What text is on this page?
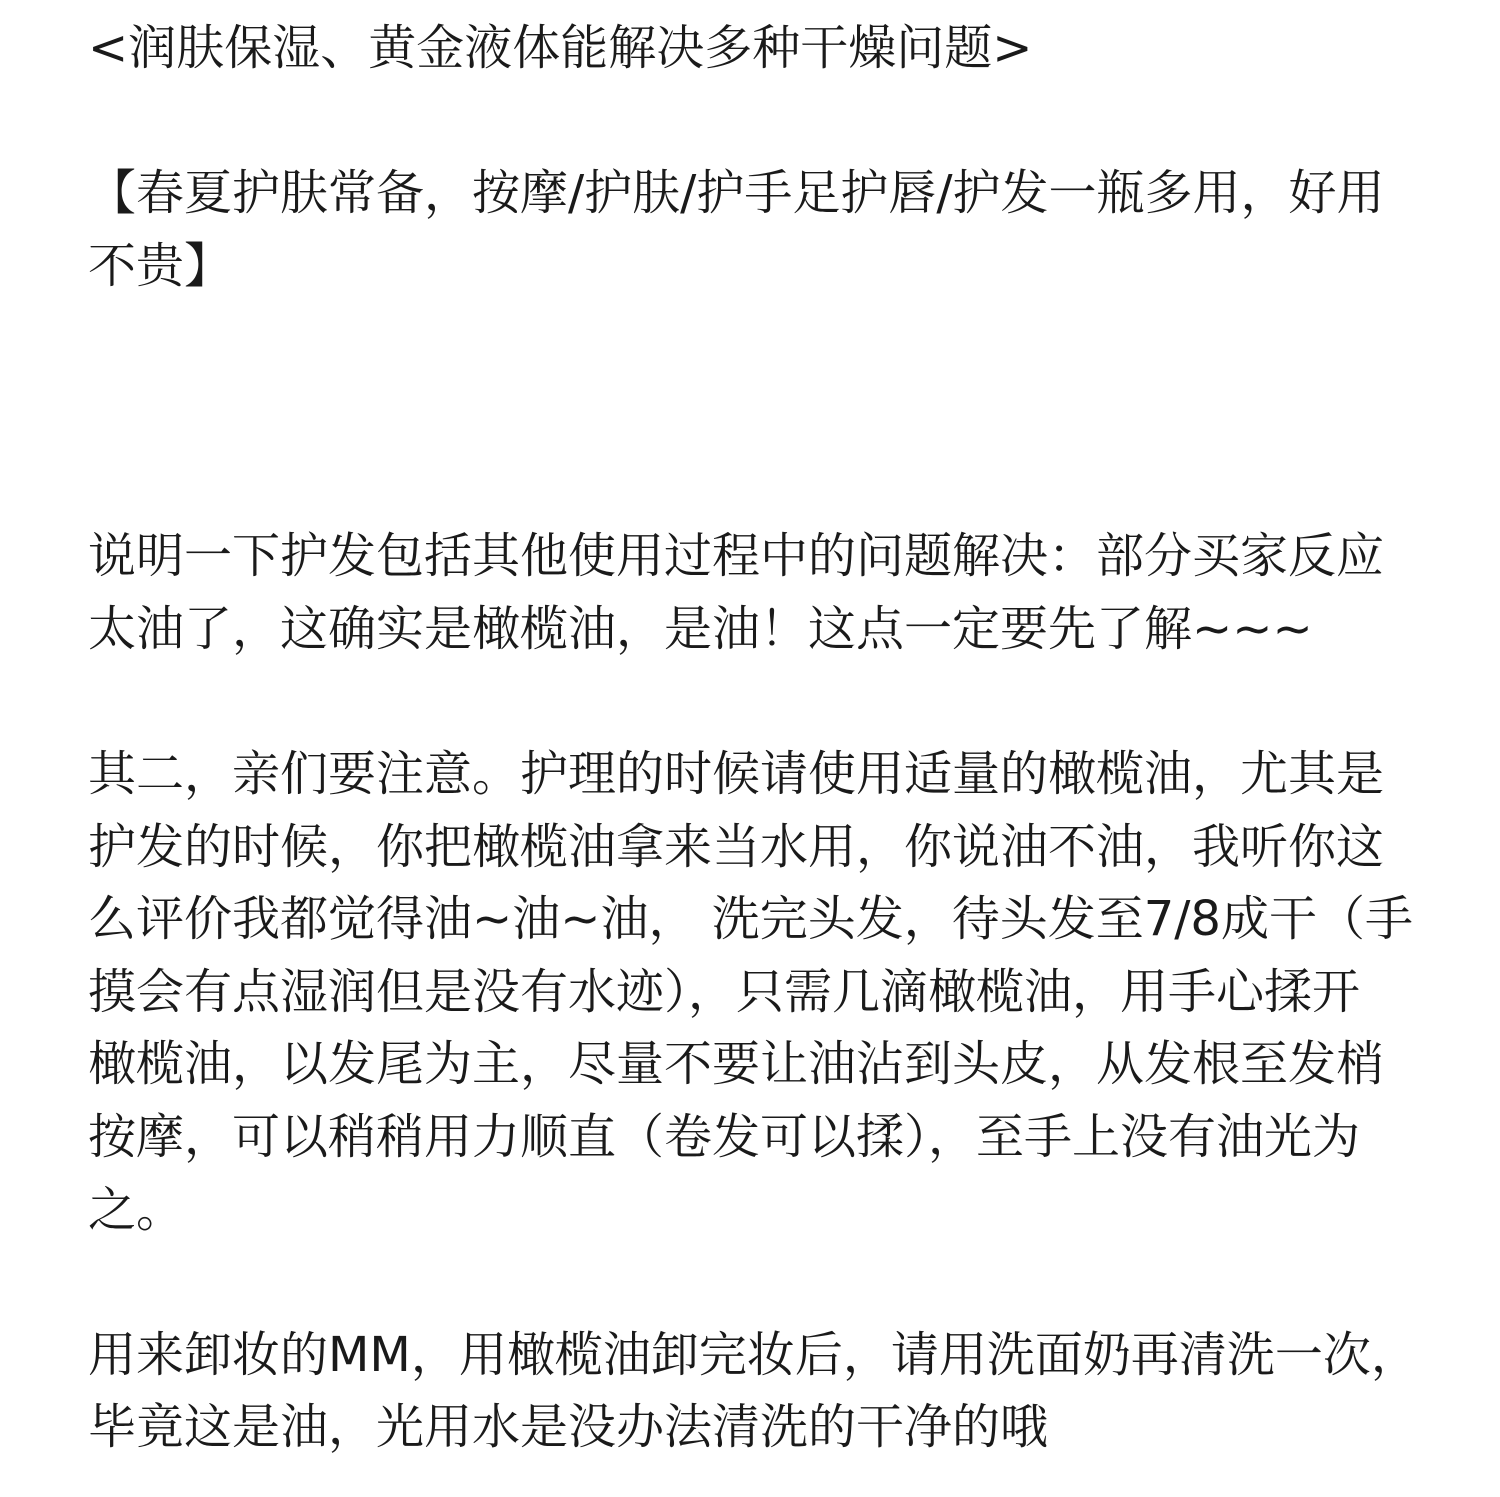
<润肤保湿、黄金液体能解决多种干燥问题>
【春夏护肤常备，按摩/护肤/护手足护唇/护发一瓶多用，好用
不贵】
说明一下护发包括其他使用过程中的问题解决：部分买家反应
太油了，这确实是橄榄油，是油！这点一定要先了解~~~
其二，亲们要注意。护理的时候请使用适量的橄榄油，尤其是
护发的时候，你把橄榄油拿来当水用，你说油不油，我听你这
么评价我都觉得油~油~油， 洗完头发，待头发至7/8成干（手
摸会有点湿润但是没有水迹），只需几滴橄榄油，用手心揉开
橄榄油，以发尾为主，尽量不要让油沾到头皮，从发根至发梢
按摩，可以稍稍用力顺直（卷发可以揉），至手上没有油光为
之。
用来卸妆的MM，用橄榄油卸完妆后，请用洗面奶再清洗一次，
毕竟这是油，光用水是没办法清洗的干净的哦
